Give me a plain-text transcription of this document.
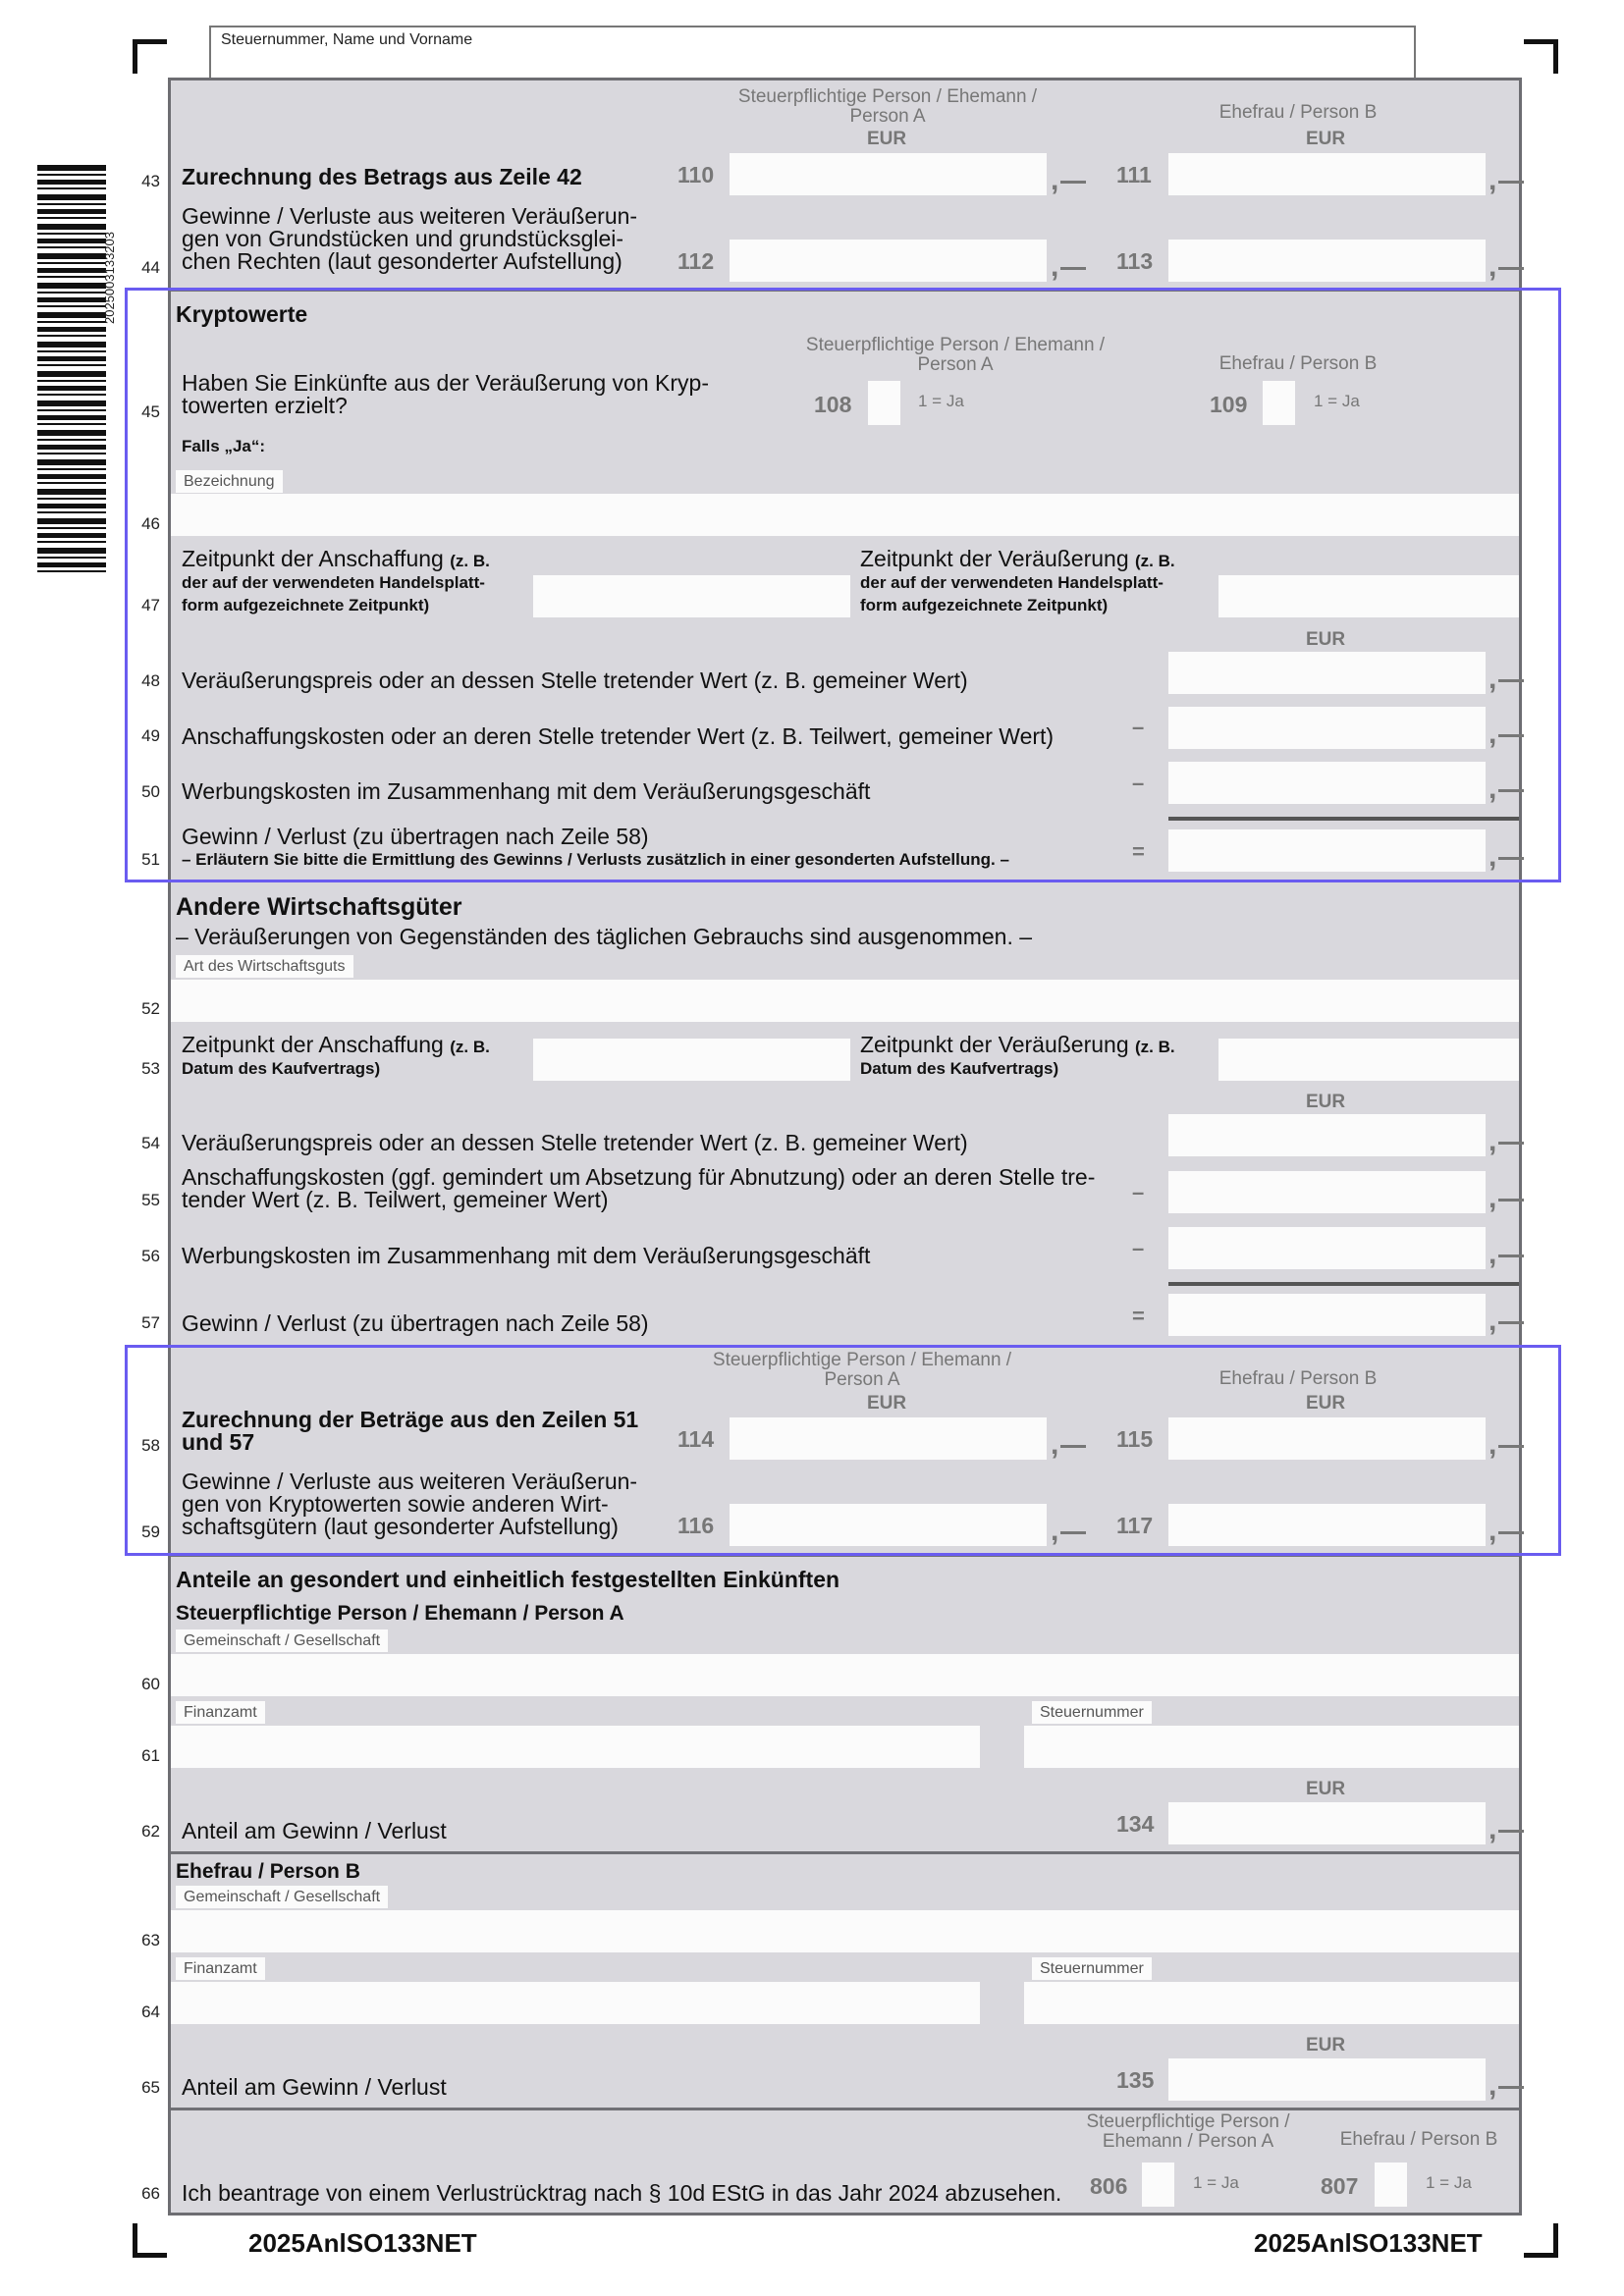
2025003133203
Steuernummer, Name und Vorname
Steuerpflichtige Person / Ehemann /
Person A
EUR
Ehefrau / Person B
EUR
43 Zurechnung des Betrags aus Zeile 42	110	,	111	,
44
Gewinne / Verluste aus weiteren Veräußerun-
gen von Grundstücken und grundstücksglei-
chen Rechten (laut gesonderter Aufstellung) 112	,	113	,
Kryptowerte
Steuerpflichtige Person / Ehemann /
Person A	Ehefrau / Person B
45
Haben Sie Einkünfte aus der Veräußerung von Kryp-
towerten erzielt?	108	1 = Ja	109	1 = Ja
Falls „Ja“:
Bezeichnung
46
47
Zeitpunkt der Anschaffung (z. B.
der auf der verwendeten Handelsplatt-
form aufgezeichnete Zeitpunkt)
Zeitpunkt der Veräußerung (z. B.
der auf der verwendeten Handelsplatt-
form aufgezeichnete Zeitpunkt)
EUR
48 Veräußerungspreis oder an dessen Stelle tretender Wert (z. B. gemeiner Wert)	,
49 Anschaffungskosten oder an deren Stelle tretender Wert (z. B. Teilwert, gemeiner Wert)	–	,
50 Werbungskosten im Zusammenhang mit dem Veräußerungsgeschäft	–	,
51
Gewinn / Verlust (zu übertragen nach Zeile 58)
– Erläutern Sie bitte die Ermittlung des Gewinns / Verlusts zusätzlich in einer gesonderten Aufstellung. –	=	,
Andere Wirtschaftsgüter
– Veräußerungen von Gegenständen des täglichen Gebrauchs sind ausgenommen. –
Art des Wirtschaftsguts
52
53
Zeitpunkt der Anschaffung (z. B.
Datum des Kaufvertrags)
Zeitpunkt der Veräußerung (z. B.
Datum des Kaufvertrags)
EUR
54 Veräußerungspreis oder an dessen Stelle tretender Wert (z. B. gemeiner Wert)	,
55
Anschaffungskosten (ggf. gemindert um Absetzung für Abnutzung) oder an deren Stelle tre-
tender Wert (z. B. Teilwert, gemeiner Wert)	–	,
56 Werbungskosten im Zusammenhang mit dem Veräußerungsgeschäft	–	,
57 Gewinn / Verlust (zu übertragen nach Zeile 58)	=	,
Steuerpflichtige Person / Ehemann /
Person A
EUR
Ehefrau / Person B
EUR
58
Zurechnung der Beträge aus den Zeilen 51
und 57	114	,	115	,
59
Gewinne / Verluste aus weiteren Veräußerun-
gen von Kryptowerten sowie anderen Wirt-
schaftsgütern (laut gesonderter Aufstellung)	116	,	117	,
Anteile an gesondert und einheitlich festgestellten Einkünften
Steuerpflichtige Person / Ehemann / Person A
Gemeinschaft / Gesellschaft
60
Finanzamt	Steuernummer
61
EUR
62 Anteil am Gewinn / Verlust	134	,
Ehefrau / Person B
Gemeinschaft / Gesellschaft
63
Finanzamt	Steuernummer
64
EUR
65 Anteil am Gewinn / Verlust	135	,
Steuerpflichtige Person /
Ehemann / Person A	Ehefrau / Person B
66 Ich beantrage von einem Verlustrücktrag nach § 10d EStG in das Jahr 2024 abzusehen. 806	1 = Ja	807	1 = Ja
2025AnlSO133NET	2025AnlSO133NET
